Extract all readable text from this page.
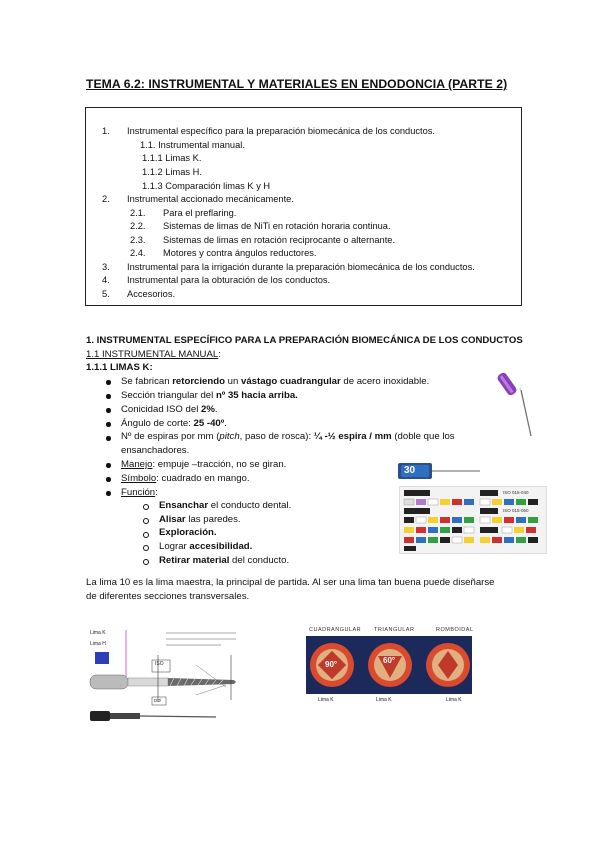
TEMA 6.2: INSTRUMENTAL Y MATERIALES EN ENDODONCIA (PARTE 2)
1. Instrumental específico para la preparación biomecánica de los conductos.
1.1. Instrumental manual.
1.1.1 Limas K.
1.1.2 Limas H.
1.1.3 Comparación limas K y H
2. Instrumental accionado mecánicamente.
2.1. Para el preflaring.
2.2. Sistemas de limas de NiTi en rotación horaria continua.
2.3. Sistemas de limas en rotación reciprocante o alternante.
2.4. Motores y contra ángulos reductores.
3. Instrumental para la irrigación durante la preparación biomecánica de los conductos.
4. Instrumental para la obturación de los conductos.
5. Accesorios.
1. INSTRUMENTAL ESPECÍFICO PARA LA PREPARACIÓN BIOMECÁNICA DE LOS CONDUCTOS
1.1 INSTRUMENTAL MANUAL:
1.1.1 LIMAS K:
Se fabrican retorciendo un vástago cuadrangular de acero inoxidable.
Sección triangular del nº 35 hacia arriba.
Conicidad ISO del 2%.
Ángulo de corte: 25 -40º.
Nº de espiras por mm (pitch, paso de rosca): ¼ -½ espira / mm (doble que los
ensanchadores.
Manejo: empuje –tracción, no se giran.
Símbolo: cuadrado en mango.
Función:
Ensanchar el conducto dental.
Alisar las paredes.
Exploración.
Lograr accesibilidad.
Retirar material del conducto.
La lima 10 es la lima maestra, la principal de partida. Al ser una lima tan buena puede diseñarse
de diferentes secciones transversales.
30
ISO 015-040
ISO 015-060
Lima K
Lima H
ISO
DØ
CUADRANGULAR TRIANGULAR	ROMBOIDAL
90°	60°
Lima K	Lima K	Lima K
